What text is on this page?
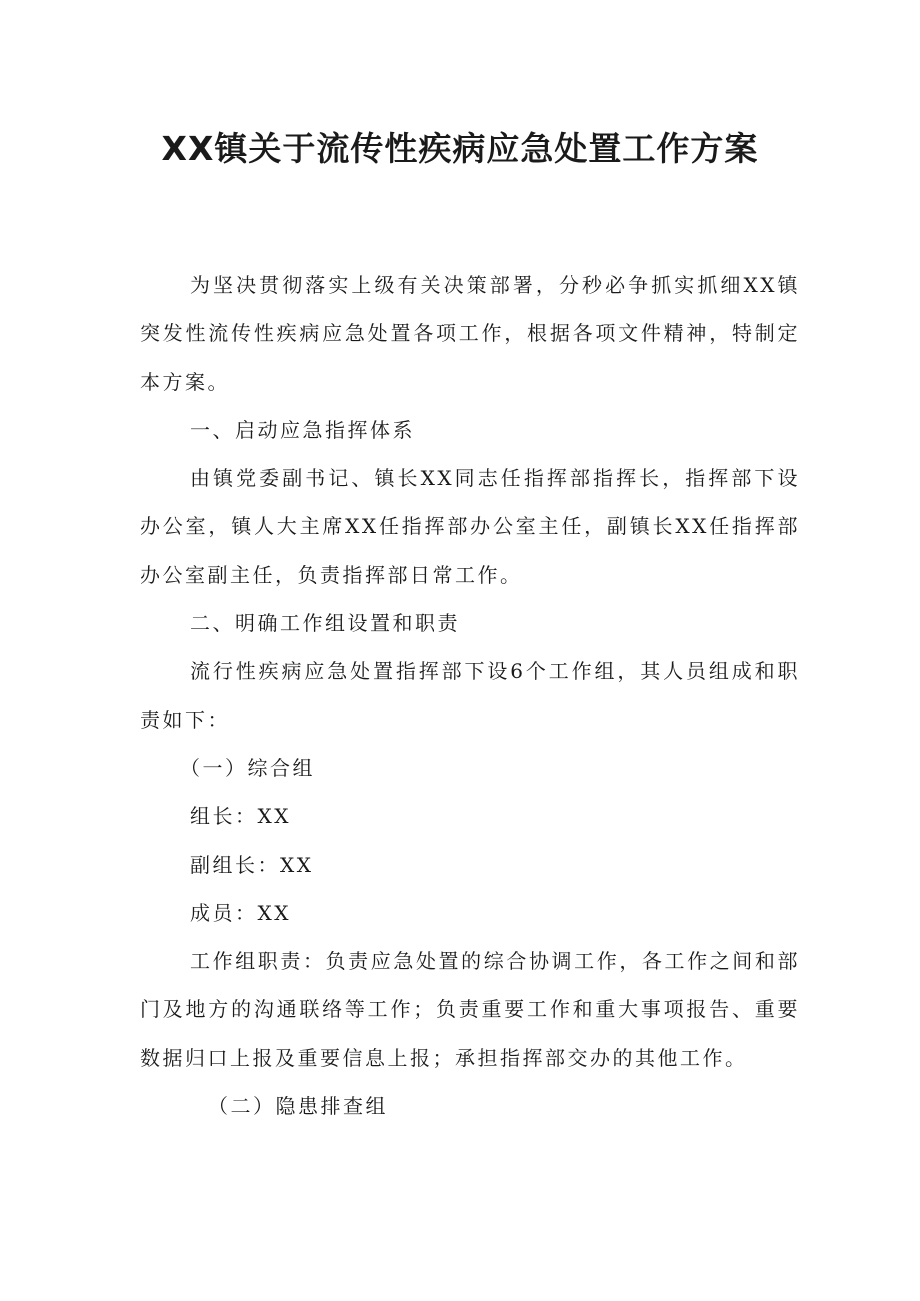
XX镇关于流传性疾病应急处置工作方案

为坚决贯彻落实上级有关决策部署，分秒必争抓实抓细XX镇突发性流传性疾病应急处置各项工作，根据各项文件精神，特制定本方案。

一、启动应急指挥体系

由镇党委副书记、镇长XX同志任指挥部指挥长，指挥部下设办公室，镇人大主席XX任指挥部办公室主任，副镇长XX任指挥部办公室副主任，负责指挥部日常工作。

二、明确工作组设置和职责

流行性疾病应急处置指挥部下设6个工作组，其人员组成和职责如下：

（一）综合组

组长：XX

副组长：XX

成员：XX

工作组职责：负责应急处置的综合协调工作，各工作之间和部门及地方的沟通联络等工作；负责重要工作和重大事项报告、重要数据归口上报及重要信息上报；承担指挥部交办的其他工作。

（二）隐患排查组
